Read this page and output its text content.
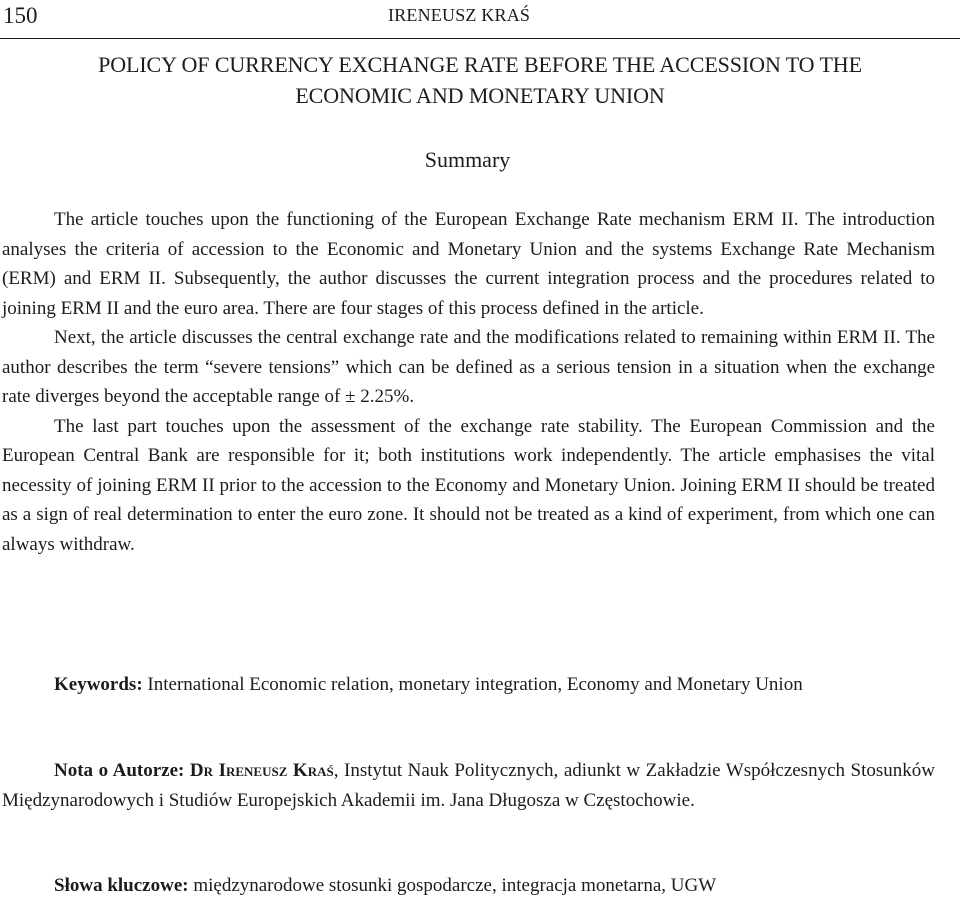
150	IRENEUSZ KRAŚ
POLICY OF CURRENCY EXCHANGE RATE BEFORE THE ACCESSION TO THE
ECONOMIC AND MONETARY UNION
Summary

The article touches upon the functioning of the European Exchange Rate mechanism ERM II. The introduction analyses the criteria of accession to the Economic and Monetary Union and the systems Exchange Rate Mechanism (ERM) and ERM II. Subsequently, the author discusses the current integration process and the procedures related to joining ERM II and the euro area. There are four stages of this process defined in the article.

Next, the article discusses the central exchange rate and the modifications related to remaining within ERM II. The author describes the term “severe tensions” which can be defined as a serious tension in a situation when the exchange rate diverges beyond the acceptable range of ± 2.25%.

The last part touches upon the assessment of the exchange rate stability. The European Commission and the European Central Bank are responsible for it; both institutions work independently. The article emphasises the vital necessity of joining ERM II prior to the accession to the Economy and Monetary Union. Joining ERM II should be treated as a sign of real determination to enter the euro zone. It should not be treated as a kind of experiment, from which one can always withdraw.

Keywords: International Economic relation, monetary integration, Economy and Monetary Union

Nota o Autorze: Dr Ireneusz Kraś, Instytut Nauk Politycznych, adiunkt w Zakładzie Współczesnych Stosunków Międzynarodowych i Studiów Europejskich Akademii im. Jana Długosza w Częstochowie.

Słowa kluczowe: międzynarodowe stosunki gospodarcze, integracja monetarna, UGW
